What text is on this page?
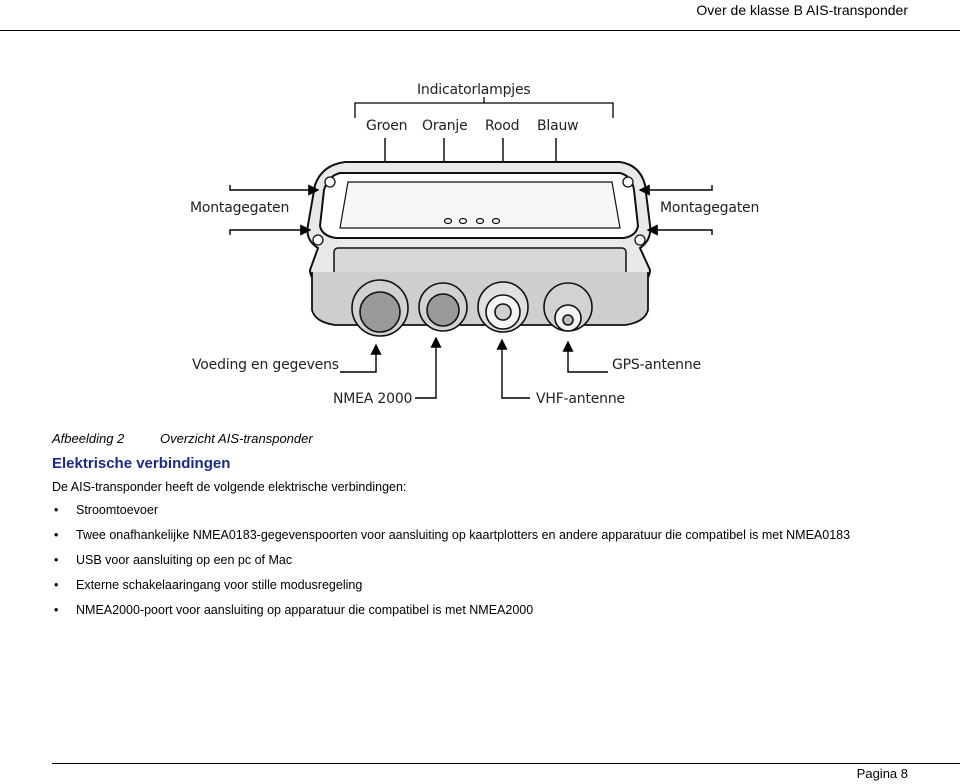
Over de klasse B AIS-transponder
Indicatorlampjes
Groen Oranje Rood Blauw
Montagegaten	Montagegaten
Voeding en gegevens	GPS-antenne
NMEA 2000	VHF-antenne
Afbeelding 2	Overzicht AIS-transponder
Elektrische verbindingen
De AIS-transponder heeft de volgende elektrische verbindingen:
• Stroomtoevoer
• Twee onafhankelijke NMEA0183-gegevenspoorten voor aansluiting op kaartplotters en andere apparatuur die compatibel is met NMEA0183
• USB voor aansluiting op een pc of Mac
• Externe schakelaaringang voor stille modusregeling
• NMEA2000-poort voor aansluiting op apparatuur die compatibel is met NMEA2000
Pagina 8
